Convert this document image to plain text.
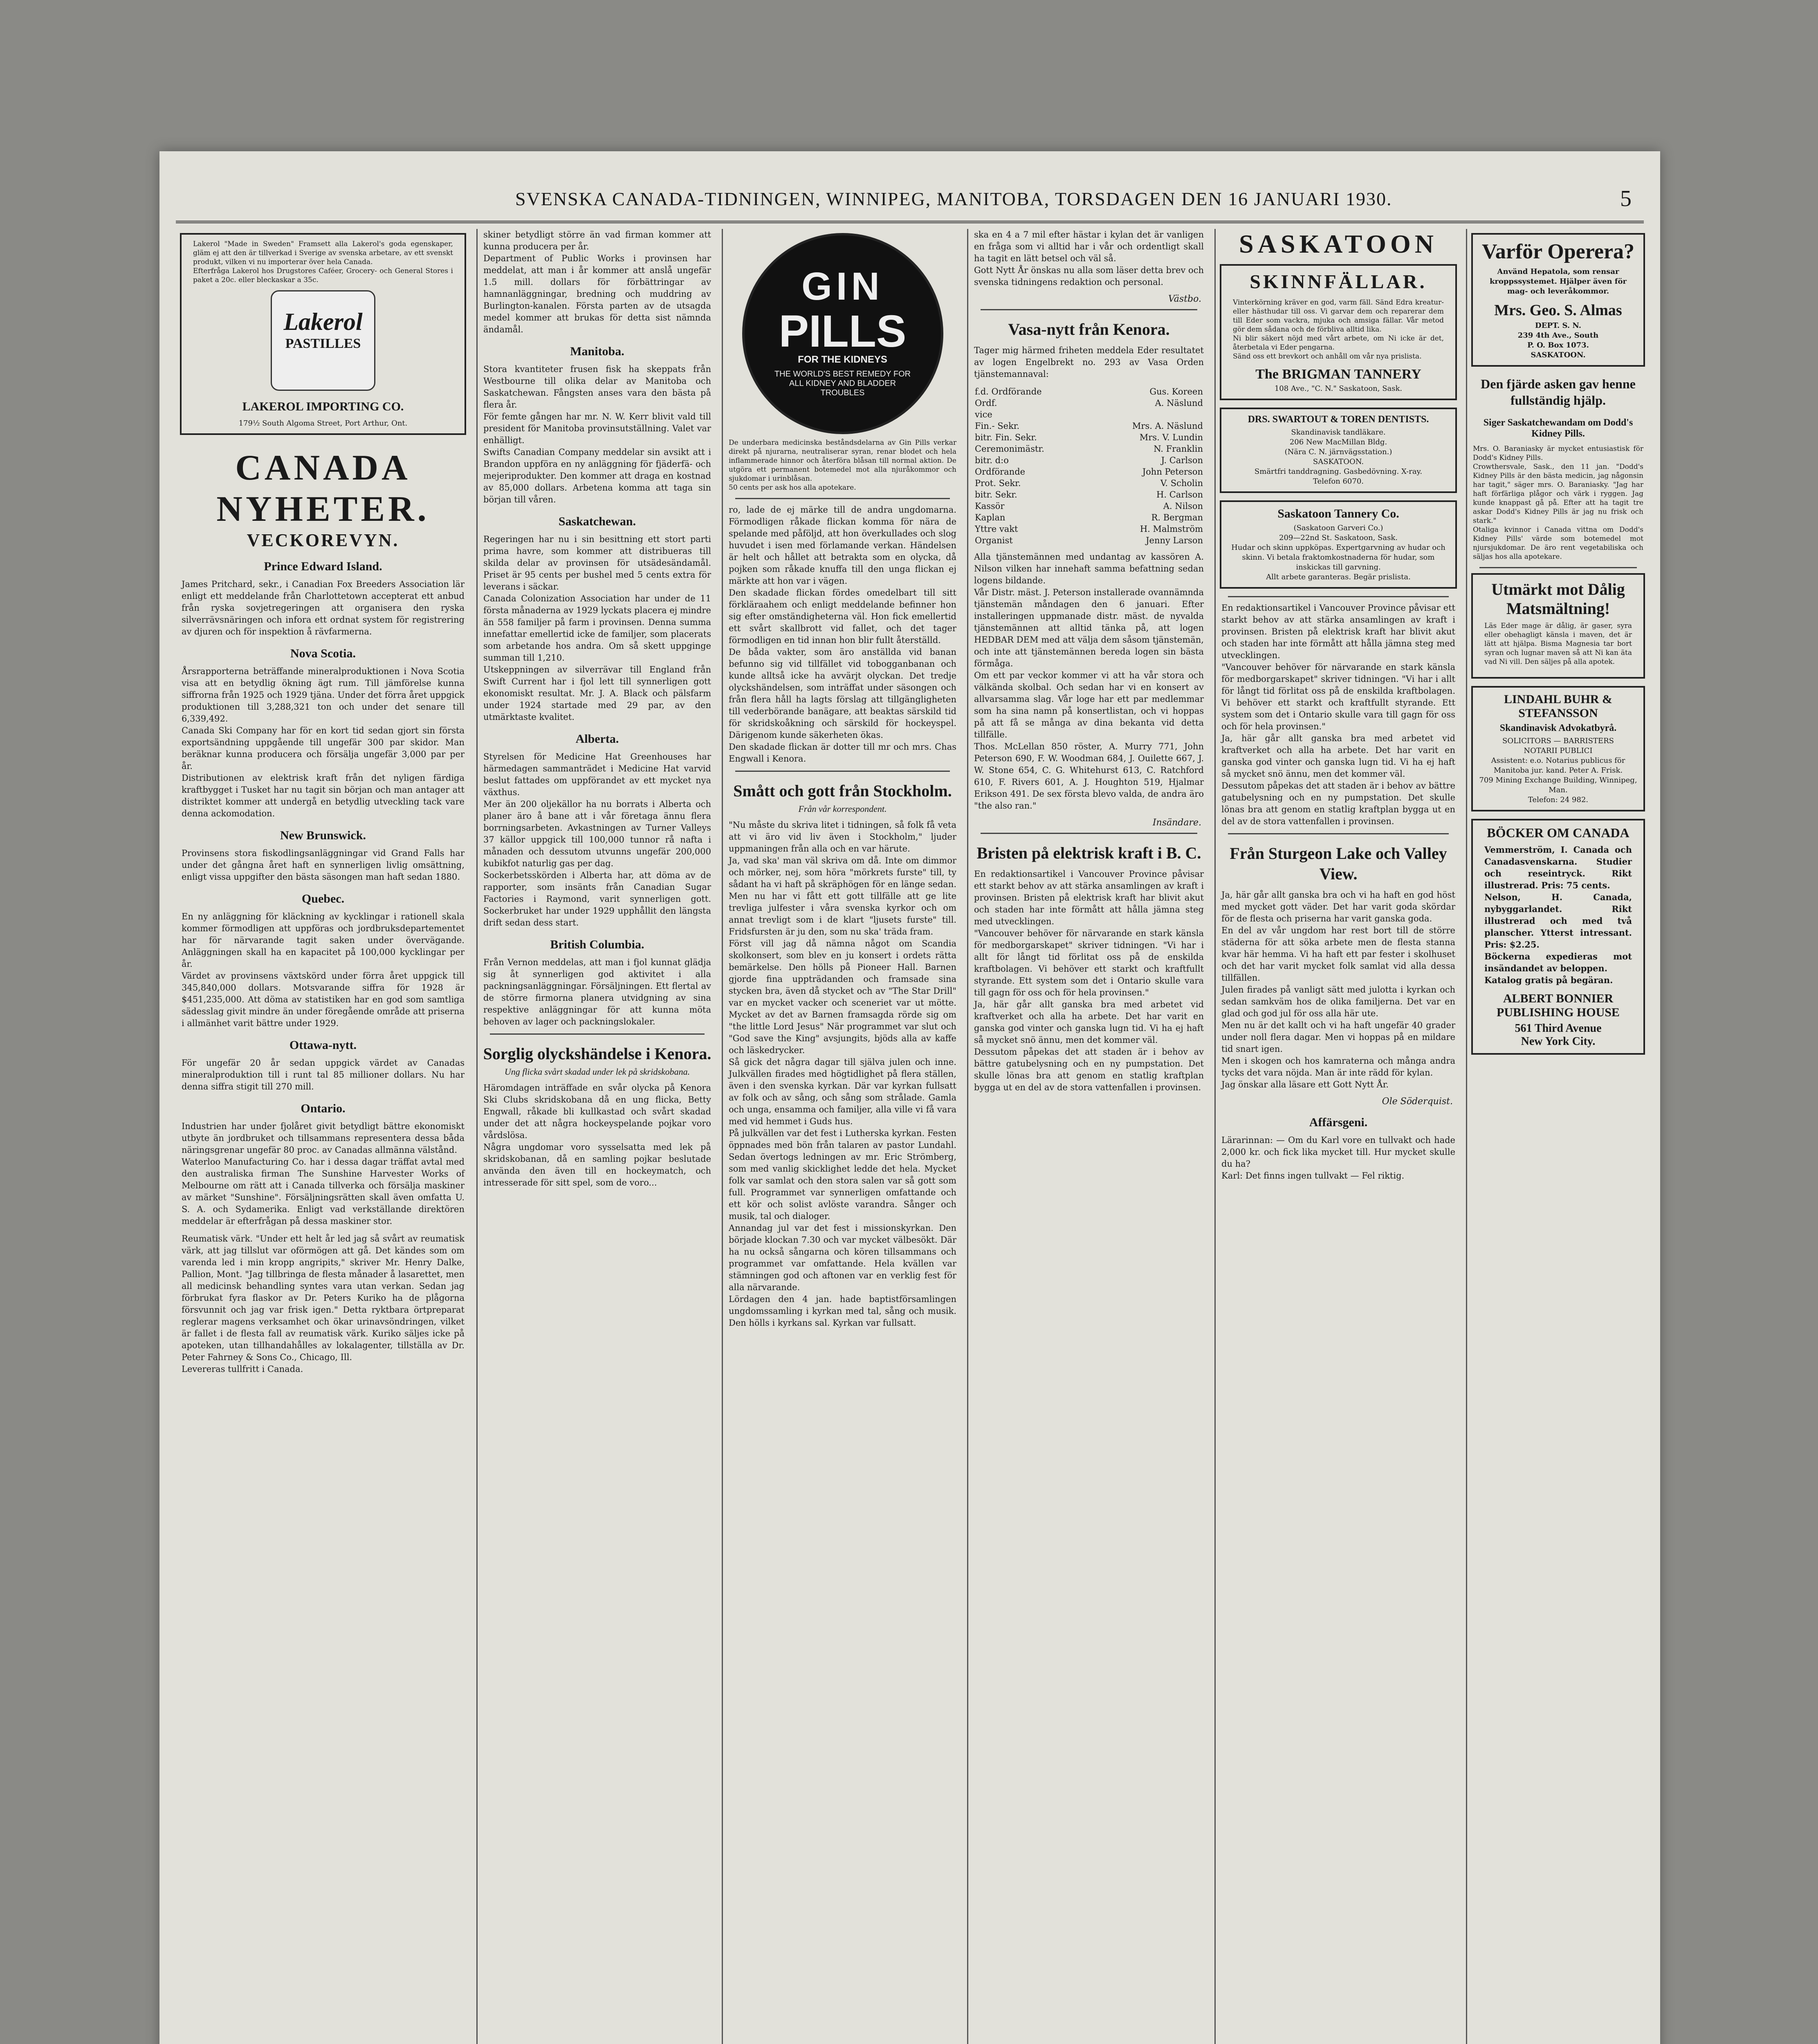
SVENSKA CANADA-TIDNINGEN, WINNIPEG, MANITOBA, TORSDAGEN DEN 16 JANUARI 1930.	5
Lakerol "Made in Sweden" Framsett alla Lakerol's goda egenskaper, gläm ej att den är tillverkad i Sverige av svenska arbetare, av ett svenskt produkt, vilken vi nu importerar över hela Canada.
Efterfråga Lakerol hos Drugstores Caféer, Grocery- och General Stores i paket a 20c. eller bleckaskar a 35c.
Lakerol
PASTILLES
LAKEROL IMPORTING CO.
179½ South Algoma Street, Port Arthur, Ont.
CANADA NYHETER.
VECKOREVYN.
Prince Edward Island.
James Pritchard, sekr., i Canadian Fox Breeders Association lär enligt ett meddelande från Charlottetown accepterat ett anbud från ryska sovjetregeringen att organisera den ryska silverrävsnäringen och infora ett ordnat system för registrering av djuren och för inspektion å rävfarmerna.
Nova Scotia.
Årsrapporterna beträffande mineralproduktionen i Nova Scotia visa att en betydlig ökning ägt rum. Till jämförelse kunna siffrorna från 1925 och 1929 tjäna. Under det förra året uppgick produktionen till 3,288,321 ton och under det senare till 6,339,492.
Canada Ski Company har för en kort tid sedan gjort sin första exportsändning uppgående till ungefär 300 par skidor. Man beräknar kunna producera och försälja ungefär 3,000 par per år.
Distributionen av elektrisk kraft från det nyligen färdiga kraftbygget i Tusket har nu tagit sin början och man antager att distriktet kommer att undergå en betydlig utveckling tack vare denna ackomodation.
New Brunswick.
Provinsens stora fiskodlingsanläggningar vid Grand Falls har under det gångna året haft en synnerligen livlig omsättning, enligt vissa uppgifter den bästa säsongen man haft sedan 1880.
Quebec.
En ny anläggning för kläckning av kycklingar i rationell skala kommer förmodligen att uppföras och jordbruksdepartementet har för närvarande tagit saken under övervägande. Anläggningen skall ha en kapacitet på 100,000 kycklingar per år.
Värdet av provinsens växtskörd under förra året uppgick till 345,840,000 dollars. Motsvarande siffra för 1928 är $451,235,000. Att döma av statistiken har en god som samtliga sädesslag givit mindre än under föregående område att priserna i allmänhet varit bättre under 1929.
Ottawa-nytt.
För ungefär 20 år sedan uppgick värdet av Canadas mineralproduktion till i runt tal 85 millioner dollars. Nu har denna siffra stigit till 270 mill.
Ontario.
Industrien har under fjolåret givit betydligt bättre ekonomiskt utbyte än jordbruket och tillsammans representera dessa båda näringsgrenar ungefär 80 proc. av Canadas allmänna välstånd.
Waterloo Manufacturing Co. har i dessa dagar träffat avtal med den australiska firman The Sunshine Harvester Works of Melbourne om rätt att i Canada tillverka och försälja maskiner av märket "Sunshine". Försäljningsrätten skall även omfatta U. S. A. och Sydamerika. Enligt vad verkställande direktören meddelar är efterfrågan på dessa maskiner stor.
Reumatisk värk. "Under ett helt år led jag så svårt av reumatisk värk, att jag tillslut var oförmögen att gå. Det kändes som om varenda led i min kropp angripits," skriver Mr. Henry Dalke, Pallion, Mont. "Jag tillbringa de flesta månader å lasarettet, men all medicinsk behandling syntes vara utan verkan. Sedan jag förbrukat fyra flaskor av Dr. Peters Kuriko ha de plågorna försvunnit och jag var frisk igen." Detta ryktbara örtpreparat reglerar magens verksamhet och ökar urinavsöndringen, vilket är fallet i de flesta fall av reumatisk värk. Kuriko säljes icke på apoteken, utan tillhandahålles av lokalagenter, tillställa av Dr. Peter Fahrney & Sons Co., Chicago, Ill.
Levereras tullfritt i Canada.
skiner betydligt större än vad firman kommer att kunna producera per år.
Department of Public Works i provinsen har meddelat, att man i år kommer att anslå ungefär 1.5 mill. dollars för förbättringar av hamnanläggningar, bredning och muddring av Burlington-kanalen. Första parten av de utsagda medel kommer att brukas för detta sist nämnda ändamål.
Manitoba.
Stora kvantiteter frusen fisk ha skeppats från Westbourne till olika delar av Manitoba och Saskatchewan. Fångsten anses vara den bästa på flera år.
För femte gången har mr. N. W. Kerr blivit vald till president för Manitoba provinsutställning. Valet var enhälligt.
Swifts Canadian Company meddelar sin avsikt att i Brandon uppföra en ny anläggning för fjäderfä- och mejeriprodukter. Den kommer att draga en kostnad av 85,000 dollars. Arbetena komma att taga sin början till våren.
Saskatchewan.
Regeringen har nu i sin besittning ett stort parti prima havre, som kommer att distribueras till skilda delar av provinsen för utsädesändamål. Priset är 95 cents per bushel med 5 cents extra för leverans i säckar.
Canada Colonization Association har under de 11 första månaderna av 1929 lyckats placera ej mindre än 558 familjer på farm i provinsen. Denna summa innefattar emellertid icke de familjer, som placerats som arbetande hos andra. Om så skett uppginge summan till 1,210.
Utskeppningen av silverrävar till England från Swift Current har i fjol lett till synnerligen gott ekonomiskt resultat. Mr. J. A. Black och pälsfarm under 1924 startade med 29 par, av den utmärktaste kvalitet.
Alberta.
Styrelsen för Medicine Hat Greenhouses har härmedagen sammanträdet i Medicine Hat varvid beslut fattades om uppförandet av ett mycket nya växthus.
Mer än 200 oljekällor ha nu borrats i Alberta och planer äro å bane att i vår företaga ännu flera borrningsarbeten. Avkastningen av Turner Valleys 37 källor uppgick till 100,000 tunnor rå nafta i månaden och dessutom utvunns ungefär 200,000 kubikfot naturlig gas per dag.
Sockerbetsskörden i Alberta har, att döma av de rapporter, som insänts från Canadian Sugar Factories i Raymond, varit synnerligen gott. Sockerbruket har under 1929 upphållit den längsta drift sedan dess start.
British Columbia.
Från Vernon meddelas, att man i fjol kunnat glädja sig åt synnerligen god aktivitet i alla packningsanläggningar. Försäljningen. Ett flertal av de större firmorna planera utvidgning av sina respektive anläggningar för att kunna möta behoven av lager och packningslokaler.
Sorglig olyckshändelse i Kenora.
Ung flicka svårt skadad under lek på skridskobana.
Häromdagen inträffade en svår olycka på Kenora Ski Clubs skridskobana då en ung flicka, Betty Engwall, råkade bli kullkastad och svårt skadad under det att några hockeyspelande pojkar voro vårdslösa.
Några ungdomar voro sysselsatta med lek på skridskobanan, då en samling pojkar beslutade använda den även till en hockeymatch, och intresserade för sitt spel, som de voro...
GIN
PILLS
FOR THE KIDNEYS
THE WORLD'S BEST REMEDY FOR ALL KIDNEY AND BLADDER TROUBLES
De underbara medicinska beståndsdelarna av Gin Pills verkar direkt på njurarna, neutraliserar syran, renar blodet och hela inflammerade hinnor och återföra blåsan till normal aktion. De utgöra ett permanent botemedel mot alla njuråkommor och sjukdomar i urinblåsan.
50 cents per ask hos alla apotekare.
ro, lade de ej märke till de andra ungdomarna. Förmodligen råkade flickan komma för nära de spelande med påföljd, att hon överkullades och slog huvudet i isen med förlamande verkan. Händelsen är helt och hållet att betrakta som en olycka, då pojken som råkade knuffa till den unga flickan ej märkte att hon var i vägen.
Den skadade flickan fördes omedelbart till sitt förkläraahem och enligt meddelande befinner hon sig efter omständigheterna väl. Hon fick emellertid ett svårt skallbrott vid fallet, och det tager förmodligen en tid innan hon blir fullt återställd.
De båda vakter, som äro anställda vid banan befunno sig vid tillfället vid tobogganbanan och kunde alltså icke ha avvärjt olyckan. Det tredje olyckshändelsen, som inträffat under säsongen och från flera håll ha lagts förslag att tillgängligheten till vederbörande banägare, att beaktas särskild tid för skridskoåkning och särskild för hockeyspel. Därigenom kunde säkerheten ökas.
Den skadade flickan är dotter till mr och mrs. Chas Engwall i Kenora.
Smått och gott från Stockholm.
Från vår korrespondent.
"Nu måste du skriva litet i tidningen, så folk få veta att vi äro vid liv även i Stockholm," ljuder uppmaningen från alla och en var härute.
Ja, vad ska' man väl skriva om då. Inte om dimmor och mörker, nej, som höra "mörkrets furste" till, ty sådant ha vi haft på skräphögen för en länge sedan. Men nu har vi fått ett gott tillfälle att ge lite trevliga julfester i våra svenska kyrkor och om annat trevligt som i de klart "ljusets furste" till. Fridsfursten är ju den, som nu ska' träda fram.
Först vill jag då nämna något om Scandia skolkonsert, som blev en ju konsert i ordets rätta bemärkelse. Den hölls på Pioneer Hall. Barnen gjorde fina uppträdanden och framsade sina stycken bra, även då stycket och av "The Star Drill" var en mycket vacker och sceneriet var ut mötte. Mycket av det av Barnen framsagda rörde sig om "the little Lord Jesus" När programmet var slut och "God save the King" avsjungits, bjöds alla av kaffe och läskedrycker.
Så gick det några dagar till själva julen och inne. Julkvällen firades med högtidlighet på flera ställen, även i den svenska kyrkan. Där var kyrkan fullsatt av folk och av sång, och sång som strålade. Gamla och unga, ensamma och familjer, alla ville vi få vara med vid hemmet i Guds hus.
På julkvällen var det fest i Lutherska kyrkan. Festen öppnades med bön från talaren av pastor Lundahl. Sedan övertogs ledningen av mr. Eric Strömberg, som med vanlig skicklighet ledde det hela. Mycket folk var samlat och den stora salen var så gott som full. Programmet var synnerligen omfattande och ett kör och solist avlöste varandra. Sånger och musik, tal och dialoger.
Annandag jul var det fest i missionskyrkan. Den började klockan 7.30 och var mycket välbesökt. Där ha nu också sångarna och kören tillsammans och programmet var omfattande. Hela kvällen var stämningen god och aftonen var en verklig fest för alla närvarande.
Lördagen den 4 jan. hade baptistförsamlingen ungdomssamling i kyrkan med tal, sång och musik. Den hölls i kyrkans sal. Kyrkan var fullsatt.
ska en 4 a 7 mil efter hästar i kylan det är vanligen en fråga som vi alltid har i vår och ordentligt skall ha tagit en lätt betsel och väl så.
Gott Nytt År önskas nu alla som läser detta brev och svenska tidningens redaktion och personal.
Västbo.
Vasa-nytt från Kenora.
Tager mig härmed friheten meddela Eder resultatet av logen Engelbrekt no. 293 av Vasa Orden tjänstemannaval:
f.d. Ordförande	Gus. Koreen
Ordf.	A. Näslund
vice
Fin.- Sekr.	Mrs. A. Näslund
bitr. Fin. Sekr.	Mrs. V. Lundin
Ceremonimästr.	N. Franklin
bitr. d:o	J. Carlson
Ordförande	John Peterson
Prot. Sekr.	V. Scholin
bitr. Sekr.	H. Carlson
Kassör	A. Nilson
Kaplan	R. Bergman
Yttre vakt	H. Malmström
Organist	Jenny Larson
Alla tjänstemännen med undantag av kassören A. Nilson vilken har innehaft samma befattning sedan logens bildande.
Vår Distr. mäst. J. Peterson installerade ovannämnda tjänstemän måndagen den 6 januari. Efter installeringen uppmanade distr. mäst. de nyvalda tjänstemännen att alltid tänka på, att logen HEDBAR DEM med att välja dem såsom tjänstemän, och inte att tjänstemännen bereda logen sin bästa förmåga.
Om ett par veckor kommer vi att ha vår stora och välkända skolbal. Och sedan har vi en konsert av allvarsamma slag. Vår loge har ett par medlemmar som ha sina namn på konsertlistan, och vi hoppas på att få se många av dina bekanta vid detta tillfälle.
Thos. McLellan 850 röster, A. Murry 771, John Peterson 690, F. W. Woodman 684, J. Ouilette 667, J. W. Stone 654, C. G. Whitehurst 613, C. Ratchford 610, F. Rivers 601, A. J. Houghton 519, Hjalmar Erikson 491. De sex första blevo valda, de andra äro "the also ran."
Insändare.
Bristen på elektrisk kraft i B. C.
En redaktionsartikel i Vancouver Province påvisar ett starkt behov av att stärka ansamlingen av kraft i provinsen. Bristen på elektrisk kraft har blivit akut och staden har inte förmått att hålla jämna steg med utvecklingen.
"Vancouver behöver för närvarande en stark känsla för medborgarskapet" skriver tidningen. "Vi har i allt för långt tid förlitat oss på de enskilda kraftbolagen. Vi behöver ett starkt och kraftfullt styrande. Ett system som det i Ontario skulle vara till gagn för oss och för hela provinsen."
Ja, här går allt ganska bra med arbetet vid kraftverket och alla ha arbete. Det har varit en ganska god vinter och ganska lugn tid. Vi ha ej haft så mycket snö ännu, men det kommer väl.
Dessutom påpekas det att staden är i behov av bättre gatubelysning och en ny pumpstation. Det skulle lönas bra att genom en statlig kraftplan bygga ut en del av de stora vattenfallen i provinsen.
SASKATOON
SKINNFÄLLAR.
Vinterkörning kräver en god, varm fäll. Sänd Edra kreatur- eller hästhudar till oss. Vi garvar dem och reparerar dem till Eder som vackra, mjuka och amsiga fällar. Vår metod gör dem sådana och de förbliva alltid lika.
Ni blir säkert nöjd med vårt arbete, om Ni icke är det, återbetala vi Eder pengarna.
Sänd oss ett brevkort och anhåll om vår nya prislista.
The BRIGMAN TANNERY
108 Ave., "C. N." Saskatoon, Sask.
DRS. SWARTOUT & TOREN DENTISTS.
Skandinavisk tandläkare.
206 New MacMillan Bldg.
(Nära C. N. järnvägsstation.)
SASKATOON.
Smärtfri tanddragning. Gasbedövning. X-ray.
Telefon 6070.
Saskatoon Tannery Co.
(Saskatoon Garveri Co.)
209—22nd St. Saskatoon, Sask.
Hudar och skinn uppköpas. Expertgarvning av hudar och skinn. Vi betala fraktomkostnaderna för hudar, som inskickas till garvning.
Allt arbete garanteras. Begär prislista.
En redaktionsartikel i Vancouver Province påvisar ett starkt behov av att stärka ansamlingen av kraft i provinsen. Bristen på elektrisk kraft har blivit akut och staden har inte förmått att hålla jämna steg med utvecklingen.
"Vancouver behöver för närvarande en stark känsla för medborgarskapet" skriver tidningen. "Vi har i allt för långt tid förlitat oss på de enskilda kraftbolagen. Vi behöver ett starkt och kraftfullt styrande. Ett system som det i Ontario skulle vara till gagn för oss och för hela provinsen."
Ja, här går allt ganska bra med arbetet vid kraftverket och alla ha arbete. Det har varit en ganska god vinter och ganska lugn tid. Vi ha ej haft så mycket snö ännu, men det kommer väl.
Dessutom påpekas det att staden är i behov av bättre gatubelysning och en ny pumpstation. Det skulle lönas bra att genom en statlig kraftplan bygga ut en del av de stora vattenfallen i provinsen.
Från Sturgeon Lake och Valley View.
Ja, här går allt ganska bra och vi ha haft en god höst med mycket gott väder. Det har varit goda skördar för de flesta och priserna har varit ganska goda.
En del av vår ungdom har rest bort till de större städerna för att söka arbete men de flesta stanna kvar här hemma. Vi ha haft ett par fester i skolhuset och det har varit mycket folk samlat vid alla dessa tillfällen.
Julen firades på vanligt sätt med julotta i kyrkan och sedan samkväm hos de olika familjerna. Det var en glad och god jul för oss alla här ute.
Men nu är det kallt och vi ha haft ungefär 40 grader under noll flera dagar. Men vi hoppas på en mildare tid snart igen.
Men i skogen och hos kamraterna och många andra tycks det vara nöjda. Man är inte rädd för kylan.
Jag önskar alla läsare ett Gott Nytt År.
Ole Söderquist.
Affärsgeni.
Lärarinnan: — Om du Karl vore en tullvakt och hade 2,000 kr. och fick lika mycket till. Hur mycket skulle du ha?
Karl: Det finns ingen tullvakt — Fel riktig.
Varför Operera?
Använd Hepatola, som rensar kroppssystemet. Hjälper även för mag- och levеråkommor.
Mrs. Geo. S. Almas
DEPT. S. N.
239 4th Ave., South
P. O. Box 1073.
SASKATOON.
Den fjärde asken gav henne fullständig hjälp.
Siger Saskatchewandam om Dodd's Kidney Pills.
Mrs. O. Baraniasky är mycket entusiastisk för Dodd's Kidney Pills.
Crowthersvale, Sask., den 11 jan. "Dodd's Kidney Pills är den bästa medicin, jag någonsin har tagit," säger mrs. O. Baraniasky. "Jag har haft förfärliga plågor och värk i ryggen. Jag kunde knappast gå på. Efter att ha tagit tre askar Dodd's Kidney Pills är jag nu frisk och stark."
Otaliga kvinnor i Canada vittna om Dodd's Kidney Pills' värde som botemedel mot njursjukdomar. De äro rent vegetabiliska och säljas hos alla apotekare.
Utmärkt mot Dålig Matsmältning!
Läs Eder mage är dålig, är gaser, syra eller obehagligt känsla i maven, det är lätt att hjälpa. Bisma Magnesia tar bort syran och lugnar maven så att Ni kan äta vad Ni vill. Den säljes på alla apotek.
LINDAHL BUHR & STEFANSSON
Skandinavisk Advokatbyrå.
SOLICITORS — BARRISTERS
NOTARII PUBLICI
Assistent: e.o. Notarius publicus för Manitoba jur. kand. Peter A. Frisk.
709 Mining Exchange Building, Winnipeg, Man.
Telefon: 24 982.
BÖCKER OM CANADA
Vemmerström, I. Canada och Canadasvenskarna. Studier och reseintryck. Rikt illustrerad. Pris: 75 cents.
Nelson, H. Canada, nybyggarlandet. Rikt illustrerad och med två planscher. Ytterst intressant. Pris: $2.25.
Böckerna expedieras mot insändandet av beloppen.
Katalog gratis på begäran.
ALBERT BONNIER PUBLISHING HOUSE
561 Third Avenue
New York City.
